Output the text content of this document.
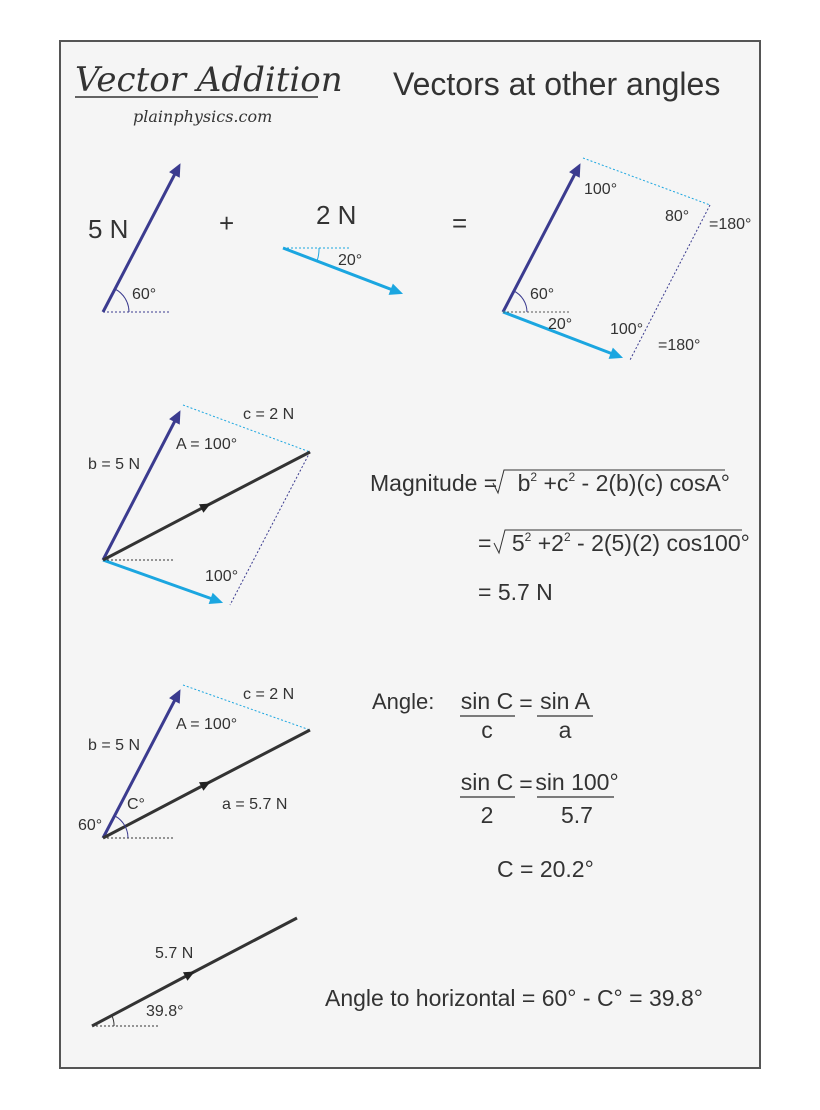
Vector Addition
plainphysics.com
Vectors at other angles
5 N
60°
+	2 N
20°
=
100°
80° =180°
60°
20° 100°
=180°
c = 2 N
A = 100°
b = 5 N
100°
Magnitude = $b^2 +c^2 - 2(b)(c)$ cosA°
= $5^2 +2^2 - 2(5)(2)$ cos100°
= 5.7 N
c = 2 N
A = 100°
b = 5 N
C°
60°
a = 5.7 N
Angle: sin C
c
= sin A
a
sin C
2
= sin 100°
5.7
C = 20.2°
5.7 N
39.8°
Angle to horizontal = 60° - C° = 39.8°
